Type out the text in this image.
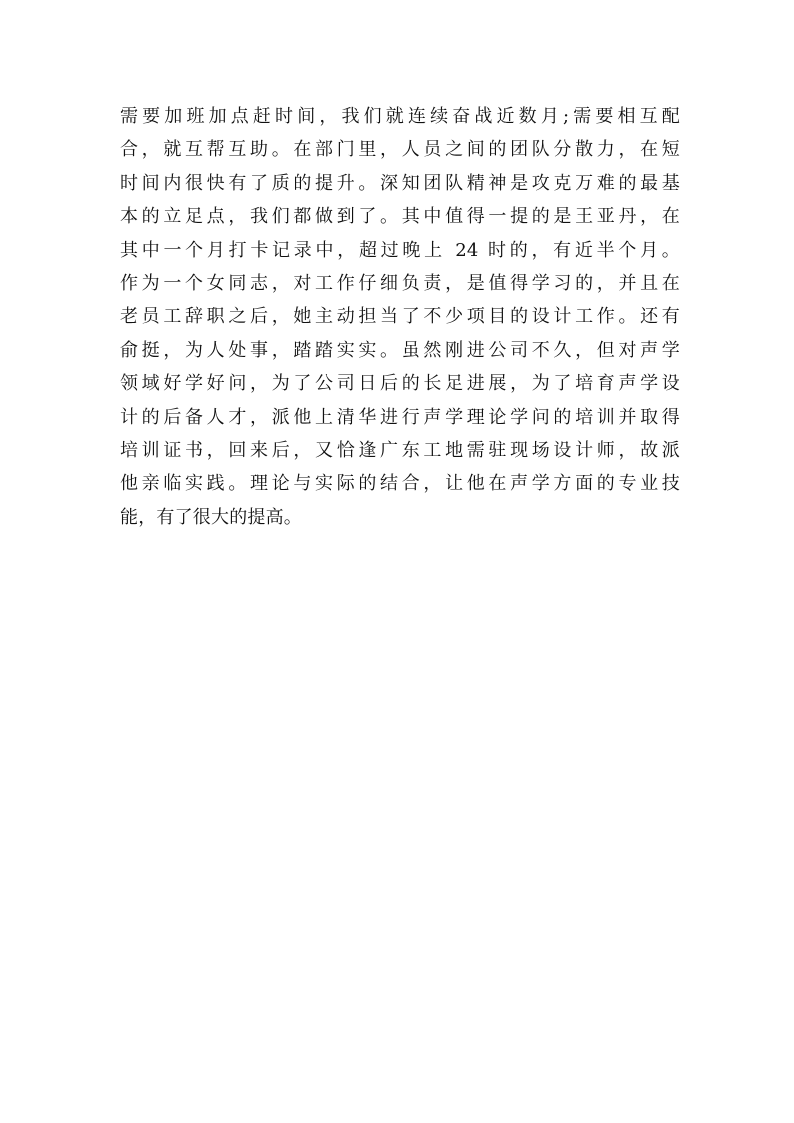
需要加班加点赶时间，我们就连续奋战近数月;需要相互配
合，就互帮互助。在部门里，人员之间的团队分散力，在短
时间内很快有了质的提升。深知团队精神是攻克万难的最基
本的立足点，我们都做到了。其中值得一提的是王亚丹，在
其中一个月打卡记录中，超过晚上 24 时的，有近半个月。
作为一个女同志，对工作仔细负责，是值得学习的，并且在
老员工辞职之后，她主动担当了不少项目的设计工作。还有
俞挺，为人处事，踏踏实实。虽然刚进公司不久，但对声学
领域好学好问，为了公司日后的长足进展，为了培育声学设
计的后备人才，派他上清华进行声学理论学问的培训并取得
培训证书，回来后，又恰逢广东工地需驻现场设计师，故派
他亲临实践。理论与实际的结合，让他在声学方面的专业技
能，有了很大的提高。
